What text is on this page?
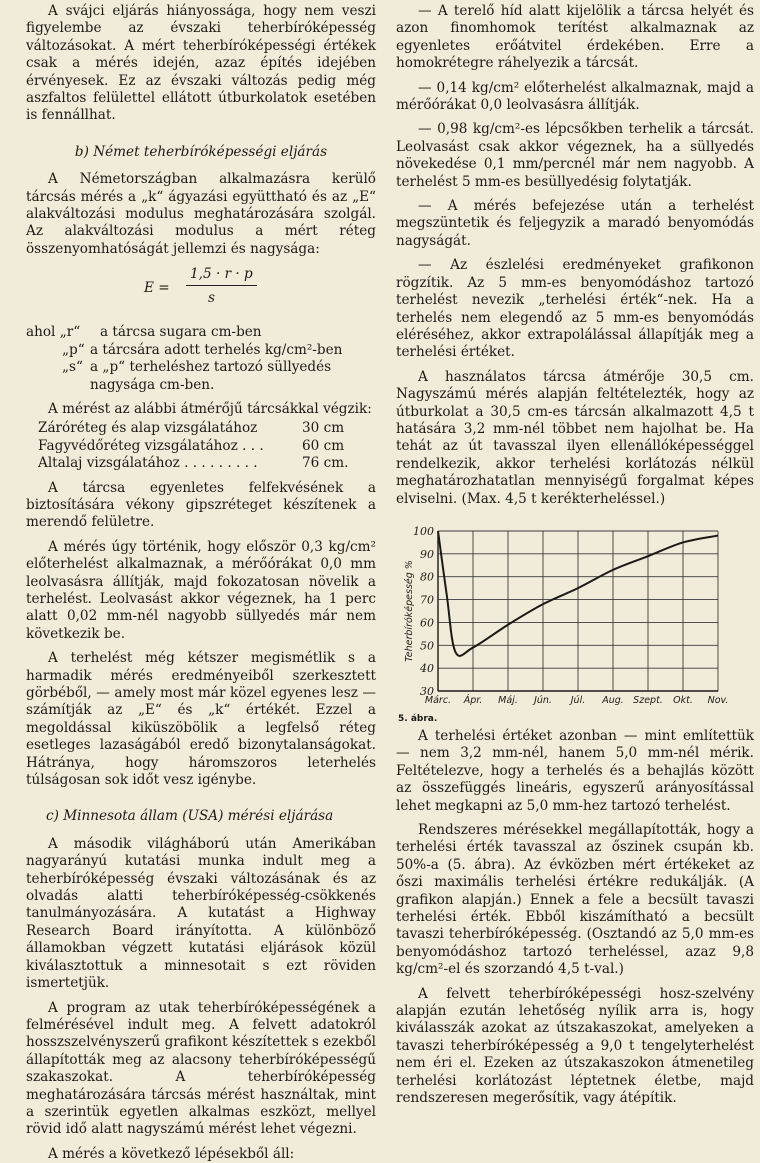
A svájci eljárás hiányossága, hogy nem veszi figyelembe az évszaki teherbíróképesség változásokat. A mért teherbíróképességi értékek csak a mérés idején, azaz építés idejében érvényesek. Ez az évszaki változás pedig még aszfaltos felülettel ellátott útburkolatok esetében is fennállhat.

b) Német teherbíróképességi eljárás

A Németországban alkalmazásra kerülő tárcsás mérés a „k“ ágyazási együttható és az „E“ alakváltozási modulus meghatározására szolgál. Az alakváltozási modulus a mért réteg összenyomhatóságát jellemzi és nagysága:

E =
1,5 · r · p
s
ahol „r“	a tárcsa sugara cm-ben
„p“ a tárcsára adott terhelés kg/cm²-ben
„s“ a „p“ terheléshez tartozó süllyedés nagysága cm-ben.

A mérést az alábbi átmérőjű tárcsákkal végzik:

Záróréteg és alap vizsgálatához	30 cm
Fagyvédőréteg vizsgálatához . . .	60 cm
Altalaj vizsgálatához . . . . . . . . .	76 cm.

A tárcsa egyenletes felfekvésének a biztosítására vékony gipszréteget készítenek a merendő felületre.

A mérés úgy történik, hogy először 0,3 kg/cm² előterhelést alkalmaznak, a mérőórákat 0,0 mm leolvasásra állítják, majd fokozatosan növelik a terhelést. Leolvasást akkor végeznek, ha 1 perc alatt 0,02 mm-nél nagyobb süllyedés már nem következik be.

A terhelést még kétszer megismétlik s a harmadik mérés eredményeiből szerkesztett görbéből, — amely most már közel egyenes lesz — számítják az „E“ és „k“ értékét. Ezzel a megoldással kiküszöbölik a legfelső réteg esetleges lazaságából eredő bizonytalanságokat. Hátránya, hogy háromszoros leterhelés túlságosan sok időt vesz igénybe.

c) Minnesota állam (USA) mérési eljárása

A második világháború után Amerikában nagyarányú kutatási munka indult meg a teherbíróképesség évszaki változásának és az olvadás alatti teherbíróképesség-csökkenés tanulmányozására. A kutatást a Highway Research Board irányította. A különböző államokban végzett kutatási eljárások közül kiválasztottuk a minnesotait s ezt röviden ismertetjük.

A program az utak teherbíróképességének a felmérésével indult meg. A felvett adatokról hosszszelvényszerű grafikont készítettek s ezekből állapították meg az alacsony teherbíróképességű szakaszokat. A teherbíróképesség meghatározására tárcsás mérést használtak, mint a szerintük egyetlen alkalmas eszközt, mellyel rövid idő alatt nagyszámú mérést lehet végezni.

A mérés a következő lépésekből áll:

— A terelő híd alatt kijelölik a tárcsa helyét és azon finomhomok terítést alkalmaznak az egyenletes erőátvitel érdekében. Erre a homokrétegre ráhelyezik a tárcsát.

— 0,14 kg/cm² előterhelést alkalmaznak, majd a mérőórákat 0,0 leolvasásra állítják.

— 0,98 kg/cm²-es lépcsőkben terhelik a tárcsát. Leolvasást csak akkor végeznek, ha a süllyedés növekedése 0,1 mm/percnél már nem nagyobb. A terhelést 5 mm-es besüllyedésig folytatják.

— A mérés befejezése után a terhelést megszüntetik és feljegyzik a maradó benyomódás nagyságát.

— Az észlelési eredményeket grafikonon rögzítik. Az 5 mm-es benyomódáshoz tartozó terhelést nevezik „terhelési érték“-nek. Ha a terhelés nem elegendő az 5 mm-es benyomódás eléréséhez, akkor extrapolálással állapítják meg a terhelési értéket.

A használatos tárcsa átmérője 30,5 cm. Nagyszámú mérés alapján feltételezték, hogy az útburkolat a 30,5 cm-es tárcsán alkalmazott 4,5 t hatására 3,2 mm-nél többet nem hajolhat be. Ha tehát az út tavasszal ilyen ellenállóképességgel rendelkezik, akkor terhelési korlátozás nélkül meghatározhatatlan mennyiségű forgalmat képes elviselni. (Max. 4,5 t kerékterheléssel.)

30
40
50
60
70
80
90
100
Márc. Ápr. Máj. Jún. Júl. Aug. Szept. Okt. Nov.
Teherbíróképesség %
5. ábra.

A terhelési értéket azonban — mint említettük — nem 3,2 mm-nél, hanem 5,0 mm-nél mérik. Feltételezve, hogy a terhelés és a behajlás között az összefüggés lineáris, egyszerű arányosítással lehet megkapni az 5,0 mm-hez tartozó terhelést.

Rendszeres mérésekkel megállapították, hogy a terhelési érték tavasszal az őszinek csupán kb. 50%-a (5. ábra). Az évközben mért értékeket az őszi maximális terhelési értékre redukálják. (A grafikon alapján.) Ennek a fele a becsült tavaszi terhelési érték. Ebből kiszámítható a becsült tavaszi teherbíróképesség. (Osztandó az 5,0 mm-es benyomódáshoz tartozó terheléssel, azaz 9,8 kg/cm²-el és szorzandó 4,5 t-val.)

A felvett teherbíróképességi hosz-szelvény alapján ezután lehetőség nyílik arra is, hogy kiválasszák azokat az útszakaszokat, amelyeken a tavaszi teherbíróképesség a 9,0 t tengelyterhelést nem éri el. Ezeken az útszakaszokon átmenetileg terhelési korlátozást léptetnek életbe, majd rendszeresen megerősítik, vagy átépítik.
